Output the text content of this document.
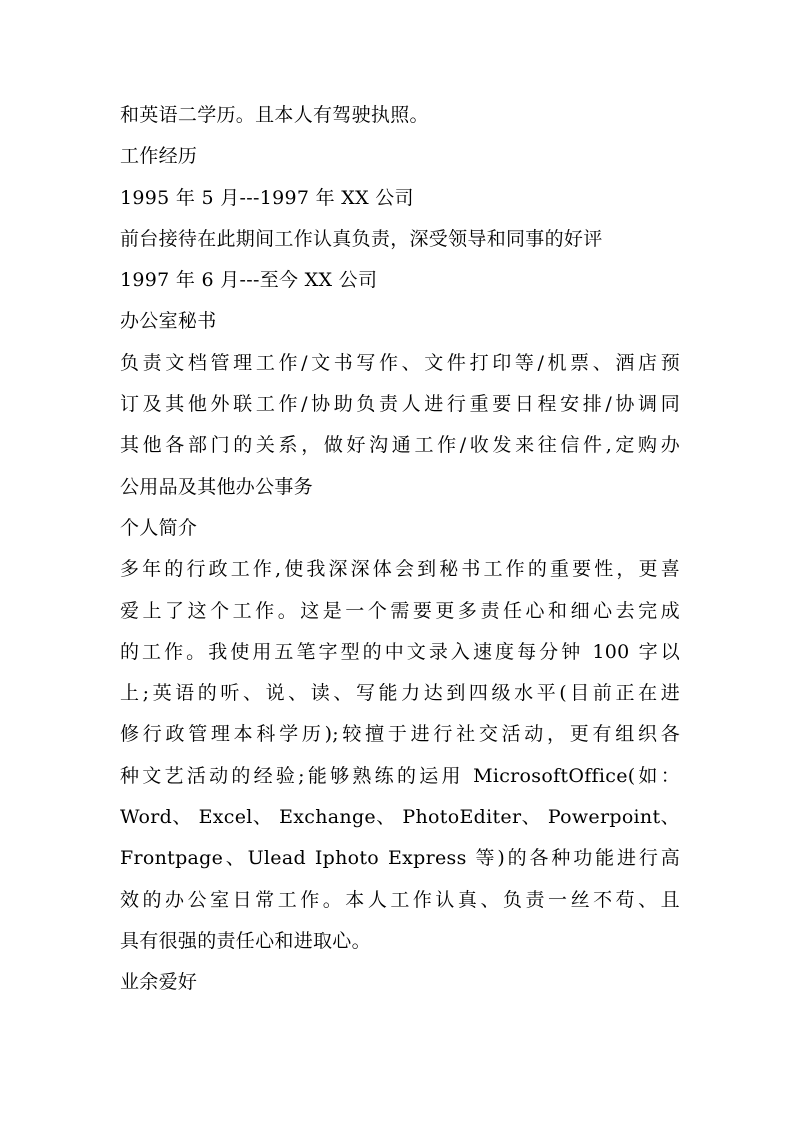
和英语二学历。且本人有驾驶执照。
工作经历
1995 年 5 月---1997 年 XX 公司
前台接待在此期间工作认真负责，深受领导和同事的好评
1997 年 6 月---至今 XX 公司
办公室秘书
负责文档管理工作/文书写作、文件打印等/机票、酒店预
订及其他外联工作/协助负责人进行重要日程安排/协调同
其他各部门的关系，做好沟通工作/收发来往信件,定购办
公用品及其他办公事务
个人简介
多年的行政工作,使我深深体会到秘书工作的重要性，更喜
爱上了这个工作。这是一个需要更多责任心和细心去完成
的工作。我使用五笔字型的中文录入速度每分钟 100 字以
上;英语的听、说、读、写能力达到四级水平(目前正在进
修行政管理本科学历);较擅于进行社交活动，更有组织各
种文艺活动的经验;能够熟练的运用 MicrosoftOffice(如：
Word、 Excel、 Exchange、 PhotoEditer、 Powerpoint、
Frontpage、Ulead Iphoto Express 等)的各种功能进行高
效的办公室日常工作。本人工作认真、负责一丝不苟、且
具有很强的责任心和进取心。
业余爱好
